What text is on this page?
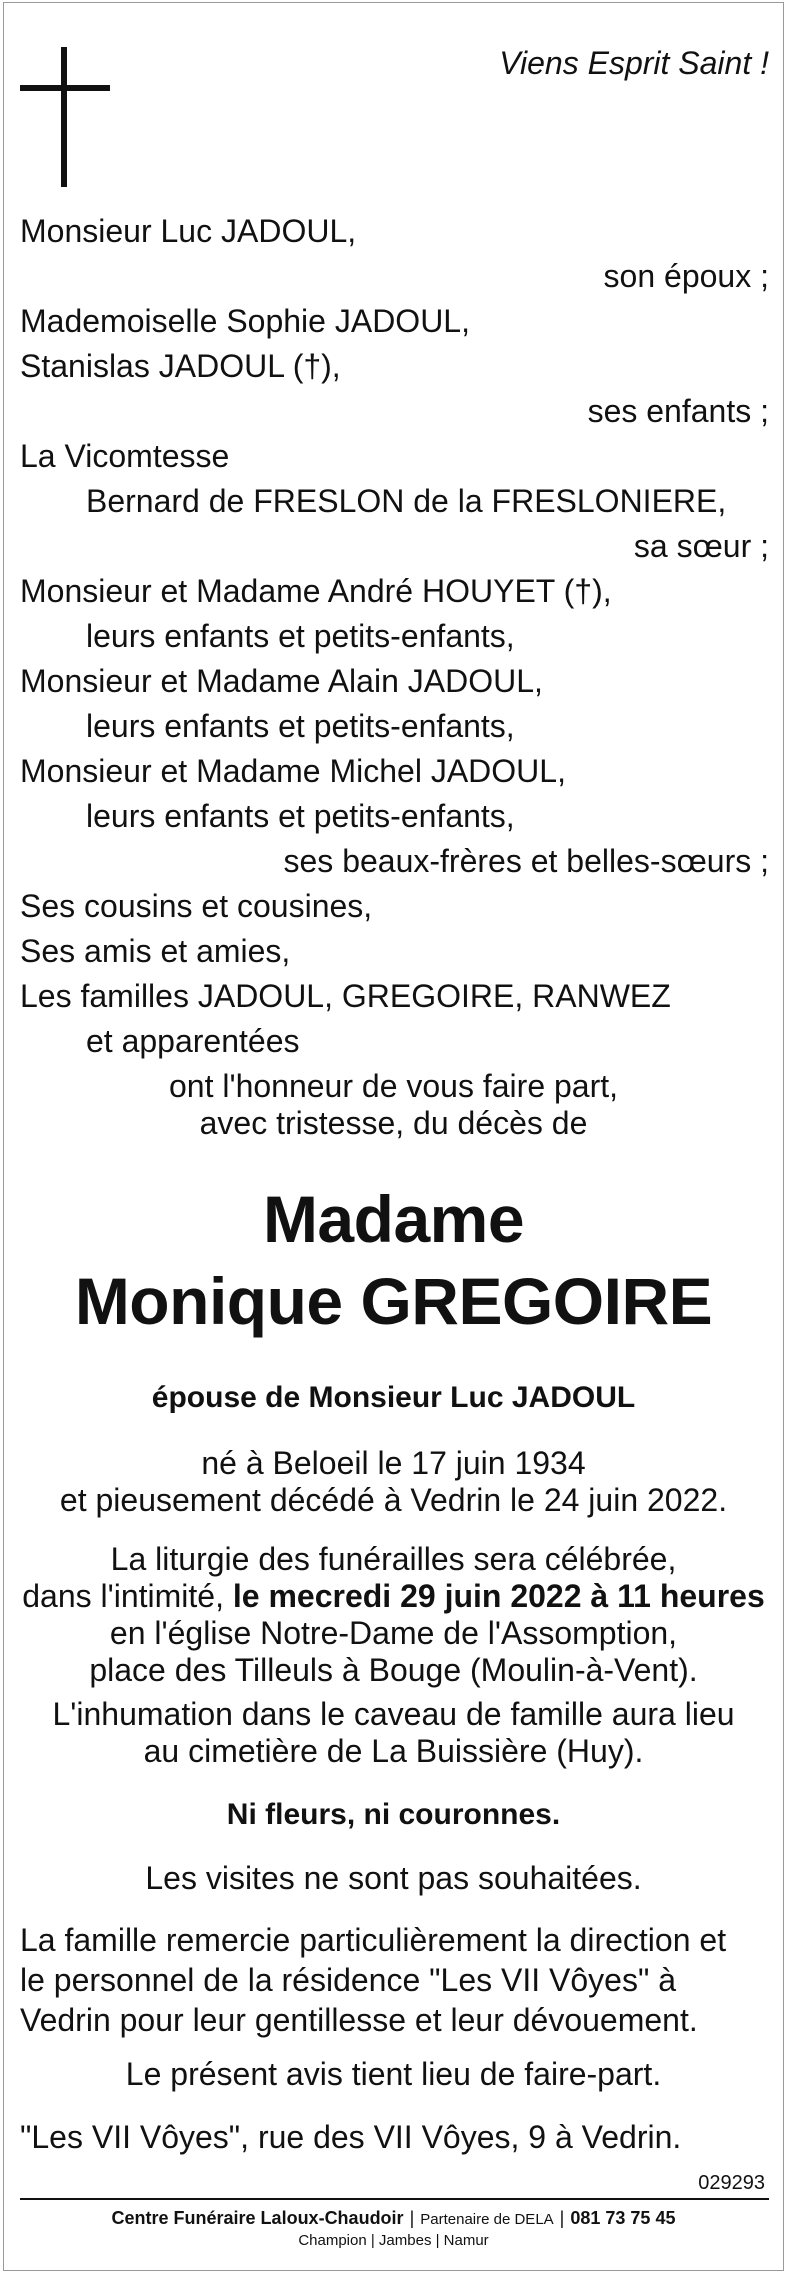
Viens Esprit Saint !
Monsieur Luc JADOUL,
son époux ;
Mademoiselle Sophie JADOUL,
Stanislas JADOUL (†),
ses enfants ;
La Vicomtesse
Bernard de FRESLON de la FRESLONIERE,
sa sœur ;
Monsieur et Madame André HOUYET (†),
leurs enfants et petits-enfants,
Monsieur et Madame Alain JADOUL,
leurs enfants et petits-enfants,
Monsieur et Madame Michel JADOUL,
leurs enfants et petits-enfants,
ses beaux-frères et belles-sœurs ;
Ses cousins et cousines,
Ses amis et amies,
Les familles JADOUL, GREGOIRE, RANWEZ
et apparentées
ont l'honneur de vous faire part,
avec tristesse, du décès de
Madame
Monique GREGOIRE
épouse de Monsieur Luc JADOUL
né à Beloeil le 17 juin 1934
et pieusement décédé à Vedrin le 24 juin 2022.
La liturgie des funérailles sera célébrée,
dans l'intimité, le mecredi 29 juin 2022 à 11 heures
en l'église Notre-Dame de l'Assomption,
place des Tilleuls à Bouge (Moulin-à-Vent).
L'inhumation dans le caveau de famille aura lieu
au cimetière de La Buissière (Huy).
Ni fleurs, ni couronnes.
Les visites ne sont pas souhaitées.
La famille remercie particulièrement la direction et
le personnel de la résidence "Les VII Vôyes" à
Vedrin pour leur gentillesse et leur dévouement.
Le présent avis tient lieu de faire-part.
"Les VII Vôyes", rue des VII Vôyes, 9 à Vedrin.
029293
Centre Funéraire Laloux-Chaudoir | Partenaire de DELA | 081 73 75 45
Champion | Jambes | Namur
